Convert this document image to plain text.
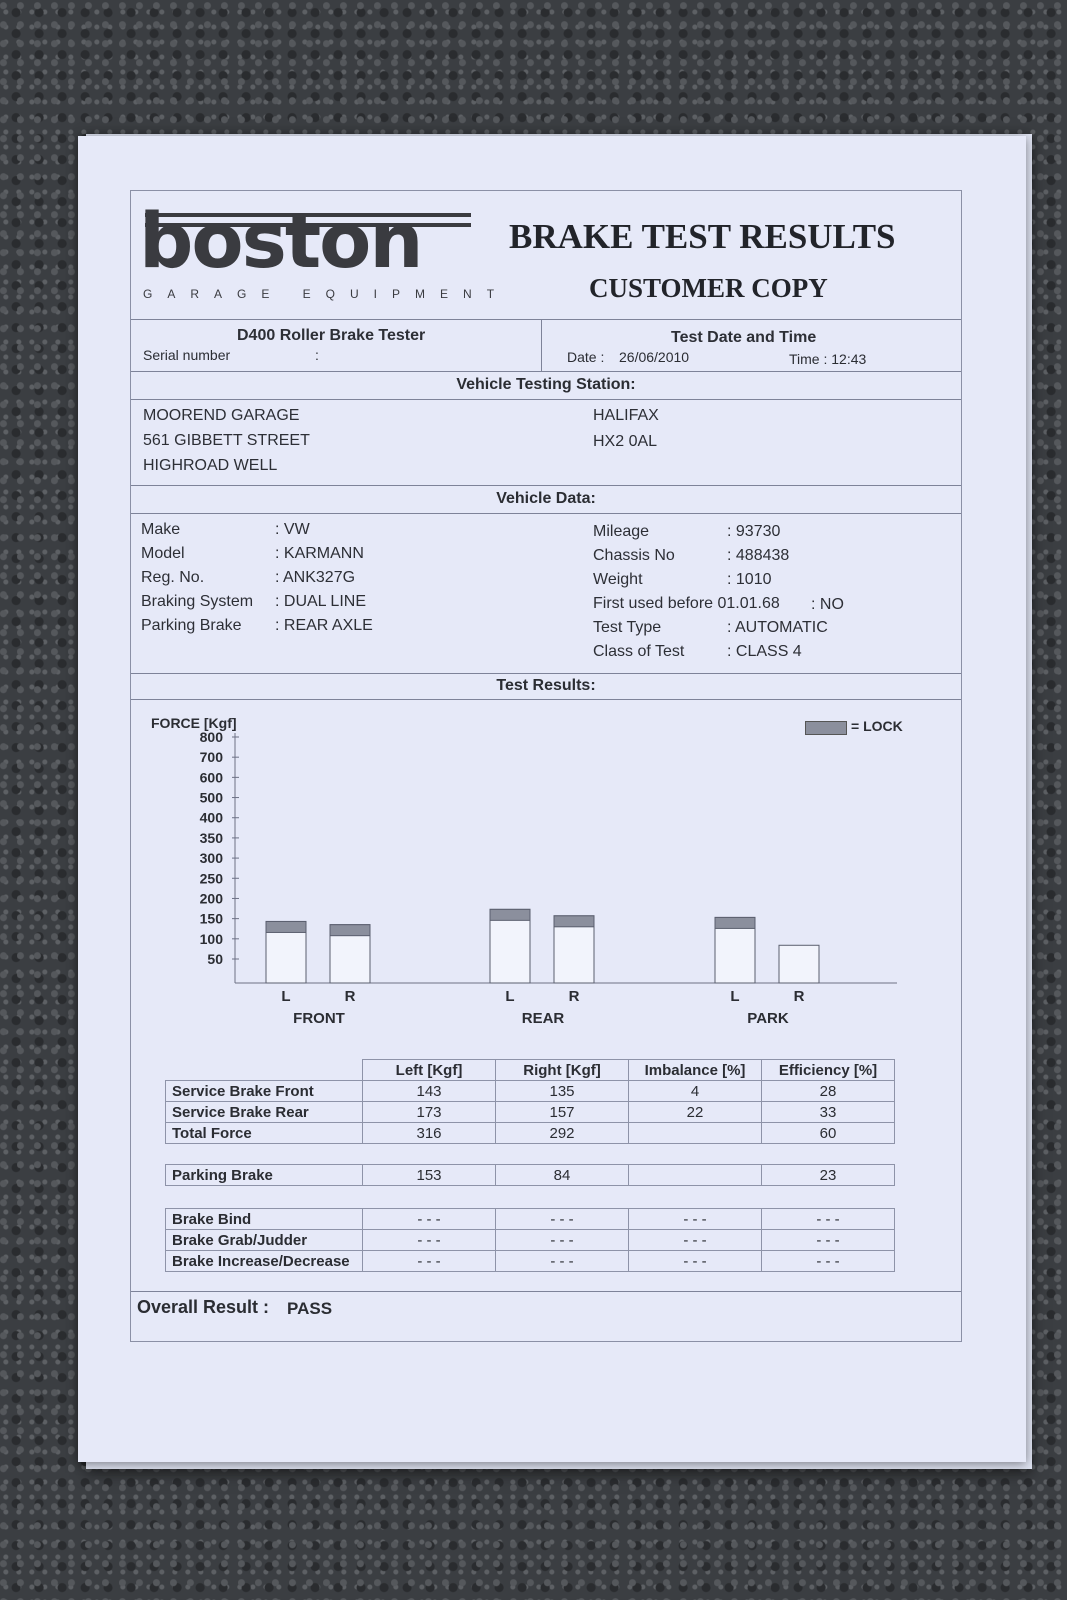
boston
GARAGE EQUIPMENT
BRAKE TEST RESULTS
CUSTOMER COPY
D400 Roller Brake Tester
Serial number	:
Test Date and Time
Date : 26/06/2010	Time : 12:43
Vehicle Testing Station:
MOOREND GARAGE
561 GIBBETT STREET
HIGHROAD WELL
HALIFAX
HX2 0AL
Vehicle Data:
Make	: VW
Model	: KARMANN
Reg. No.	: ANK327G
Braking System : DUAL LINE
Parking Brake : REAR AXLE
Mileage	: 93730
Chassis No	: 488438
Weight	: 1010
First used before 01.01.68 : NO
Test Type	: AUTOMATIC
Class of Test	: CLASS 4
Test Results:
FORCE [Kgf]	= LOCK
50
100
150
200
250
300
350
400
500
600
700
800
L	R
FRONT
L	R
REAR
L	R
PARK
	Left [Kgf]	Right [Kgf]	Imbalance [%]	Efficiency [%]
Service Brake Front	143	135	4	28
Service Brake Rear	173	157	22	33
Total Force	316	292		60
Parking Brake	153	84		23
Brake Bind	- - -	- - -	- - -	- - -
Brake Grab/Judder	- - -	- - -	- - -	- - -
Brake Increase/Decrease	- - -	- - -	- - -	- - -
Overall Result : PASS
